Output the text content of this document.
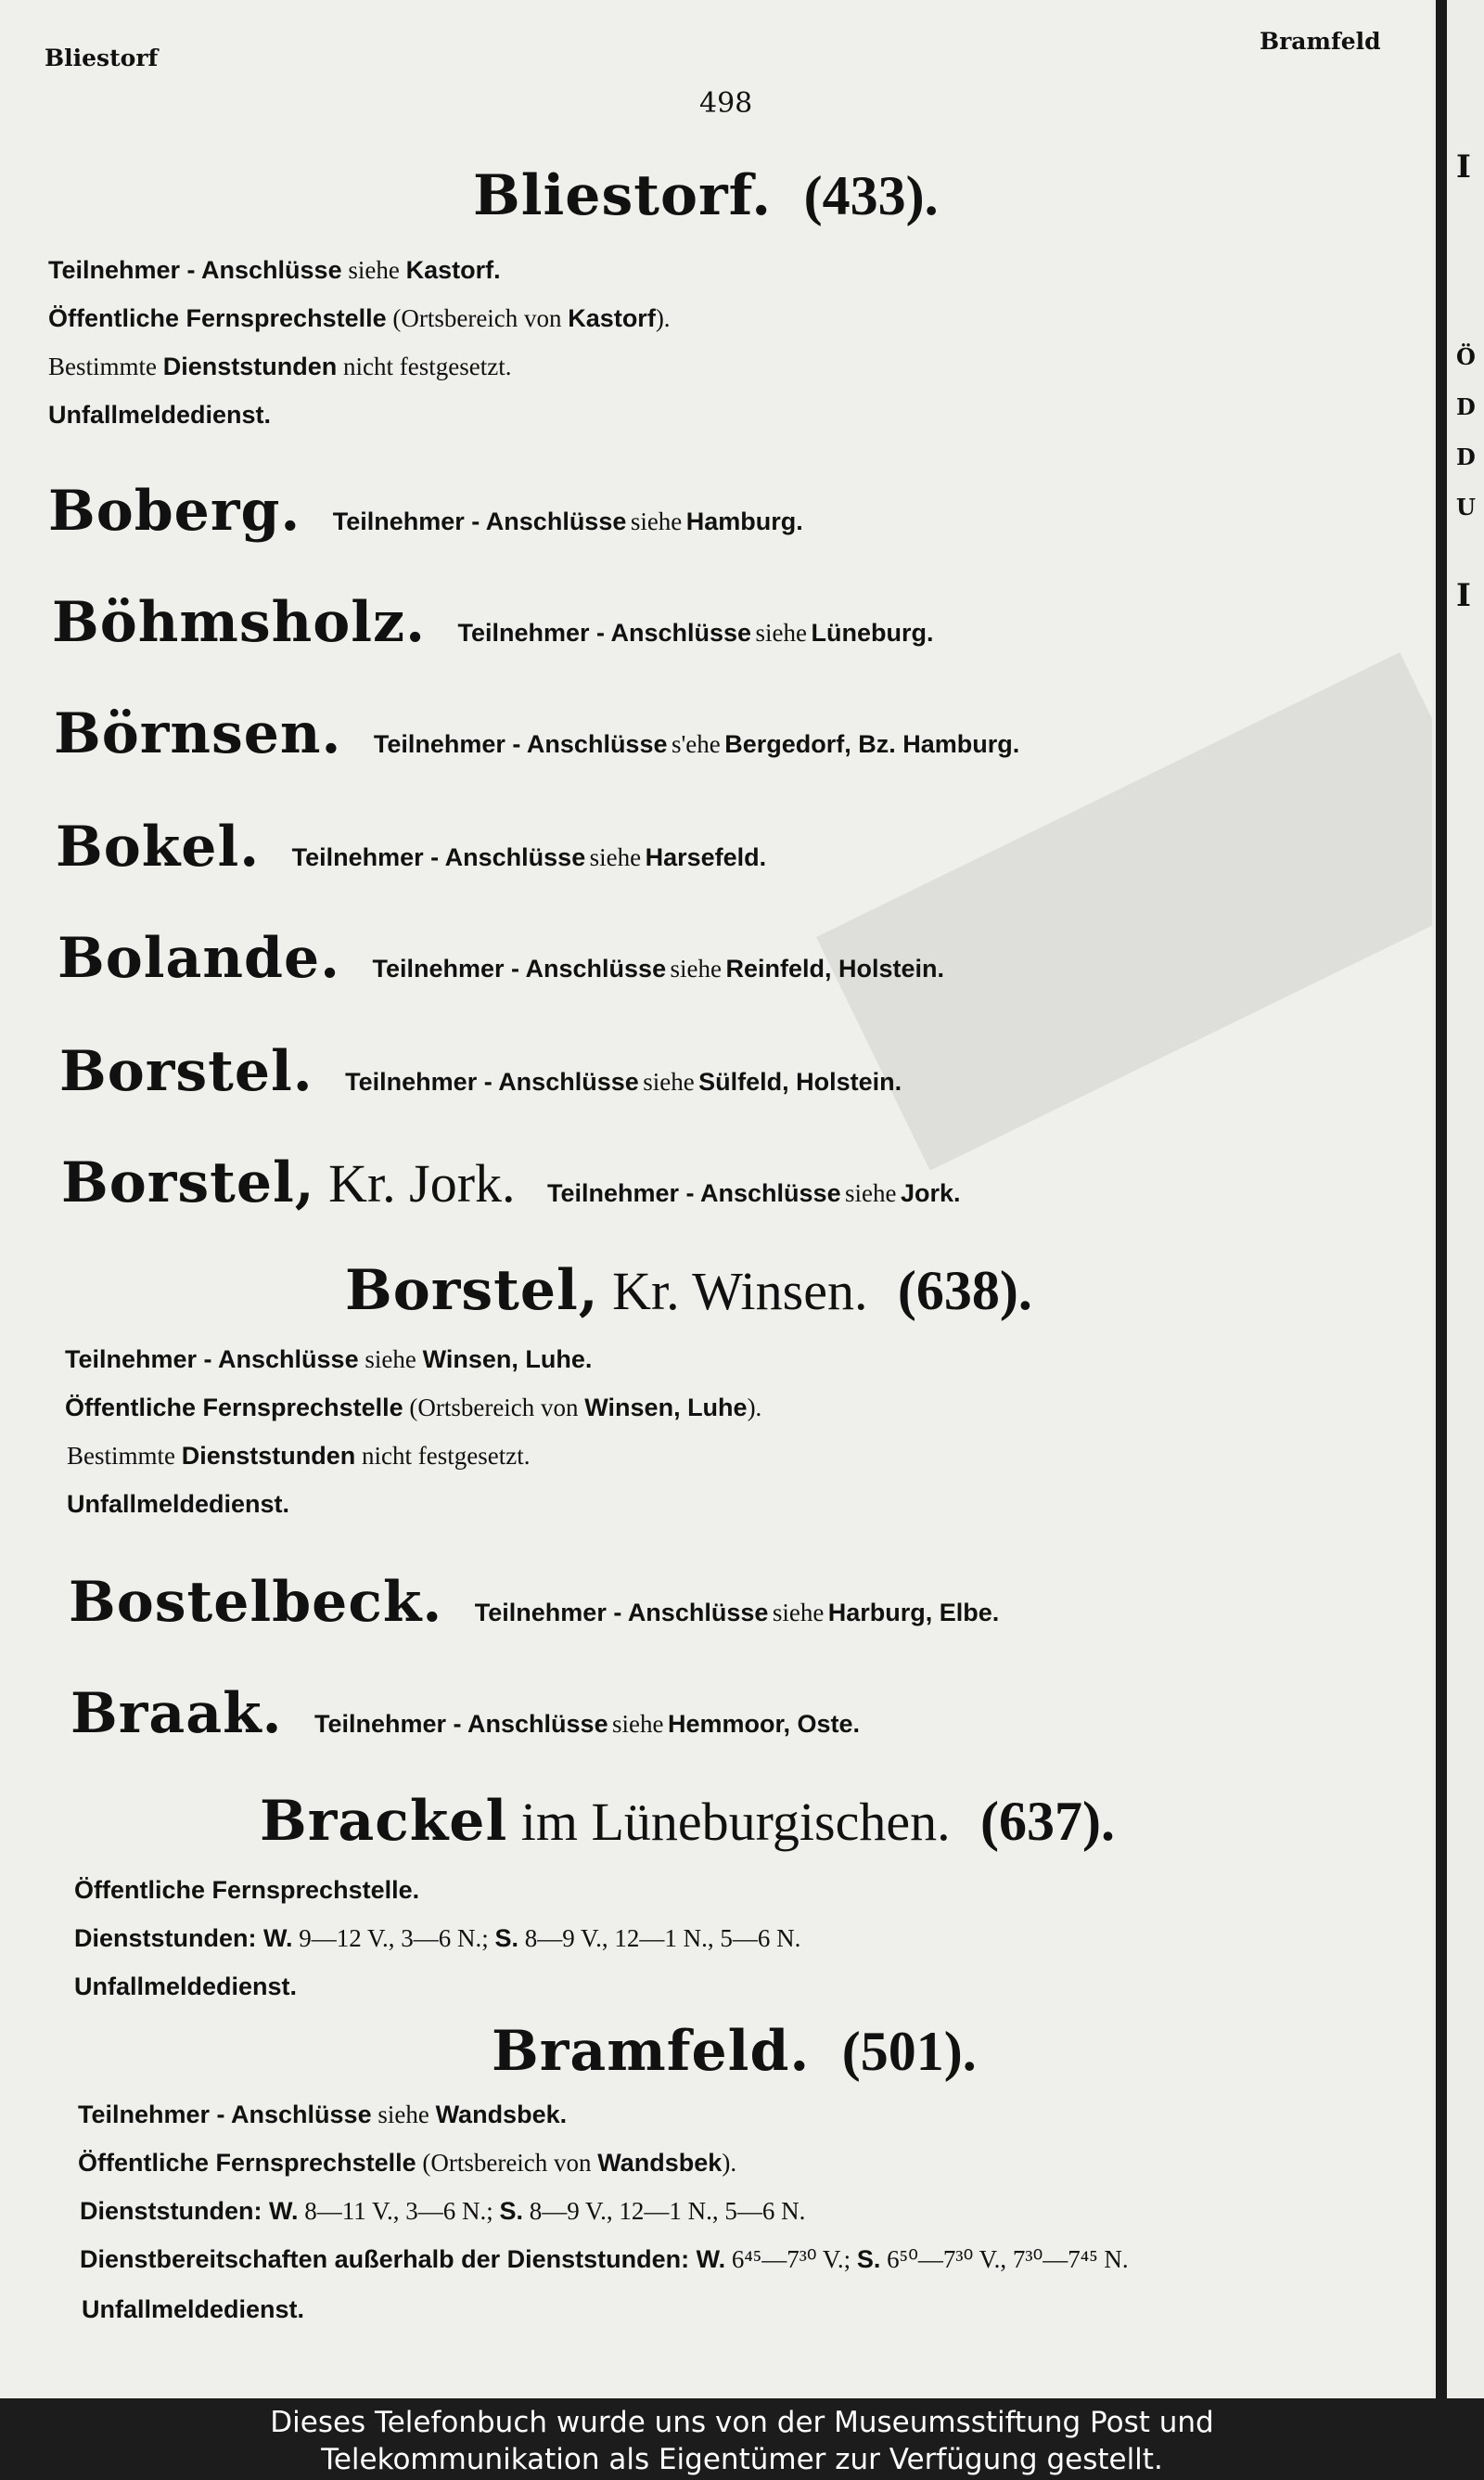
Bliestorf
Bramfeld
498
Bliestorf. (433).
Teilnehmer - Anschlüsse siehe Kastorf.
Öffentliche Fernsprechstelle (Ortsbereich von Kastorf).
Bestimmte Dienststunden nicht festgesetzt.
Unfallmeldedienst.
Boberg. Teilnehmer - Anschlüsse siehe Hamburg.
Böhmsholz. Teilnehmer - Anschlüsse siehe Lüneburg.
Börnsen. Teilnehmer - Anschlüsse s'ehe Bergedorf, Bz. Hamburg.
Bokel. Teilnehmer - Anschlüsse siehe Harsefeld.
Bolande. Teilnehmer - Anschlüsse siehe Reinfeld, Holstein.
Borstel. Teilnehmer - Anschlüsse siehe Sülfeld, Holstein.
Borstel, Kr. Jork. Teilnehmer - Anschlüsse siehe Jork.
Borstel, Kr. Winsen. (638).
Teilnehmer - Anschlüsse siehe Winsen, Luhe.
Öffentliche Fernsprechstelle (Ortsbereich von Winsen, Luhe).
Bestimmte Dienststunden nicht festgesetzt.
Unfallmeldedienst.
Bostelbeck. Teilnehmer - Anschlüsse siehe Harburg, Elbe.
Braak. Teilnehmer - Anschlüsse siehe Hemmoor, Oste.
Brackel im Lüneburgischen. (637).
Öffentliche Fernsprechstelle.
Dienststunden: W. 9—12 V., 3—6 N.; S. 8—9 V., 12—1 N., 5—6 N.
Unfallmeldedienst.
Bramfeld. (501).
Teilnehmer - Anschlüsse siehe Wandsbek.
Öffentliche Fernsprechstelle (Ortsbereich von Wandsbek).
Dienststunden: W. 8—11 V., 3—6 N.; S. 8—9 V., 12—1 N., 5—6 N.
Dienstbereitschaften außerhalb der Dienststunden: W. 6⁴⁵—7³⁰ V.; S. 6⁵⁰—7³⁰ V., 7³⁰—7⁴⁵ N.
Unfallmeldedienst.
I
Ö
D
D
U
I
Dieses Telefonbuch wurde uns von der Museumsstiftung Post und
Telekommunikation als Eigentümer zur Verfügung gestellt.
